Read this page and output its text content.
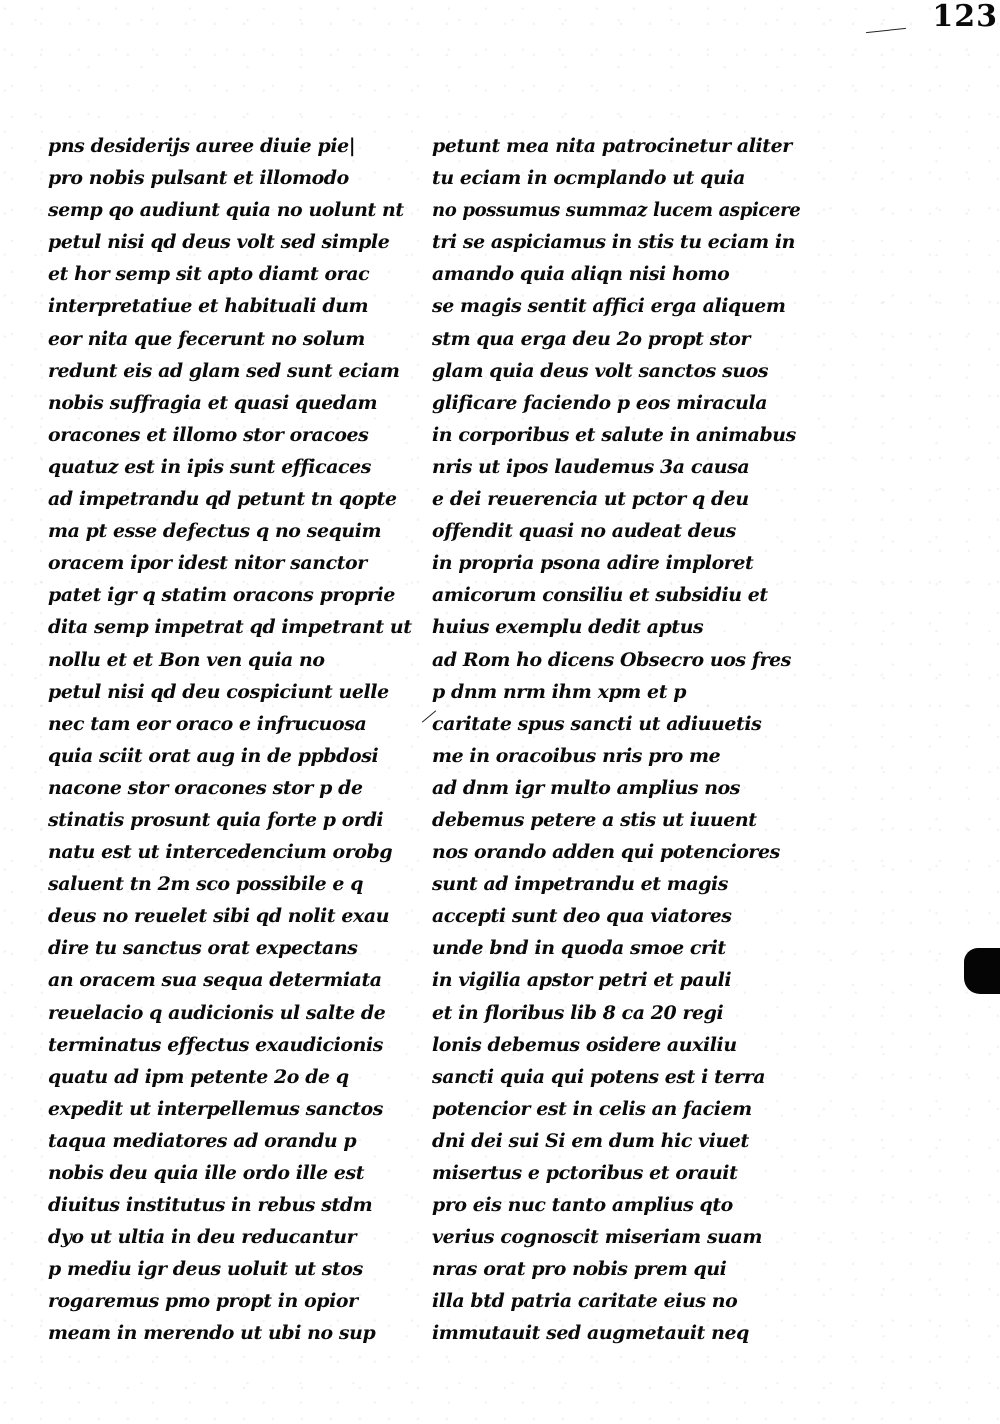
123
pns desiderijs auree diuie pie|
pro nobis pulsant et illomodo
semp qo audiunt quia no uolunt nt
petul nisi qd deus volt sed simple
et hor semp sit apto diamt orac
interpretatiue et habituali dum
eor nita que fecerunt no solum
redunt eis ad glam sed sunt eciam
nobis suffragia et quasi quedam
oracones et illomo stor oracoes
quatuz est in ipis sunt efficaces
ad impetrandu qd petunt tn qopte
ma pt esse defectus q no sequim
oracem ipor idest nitor sanctor
patet igr q statim oracons proprie
dita semp impetrat qd impetrant ut
nollu et et Bon ven quia no
petul nisi qd deu cospiciunt uelle
nec tam eor oraco e infrucuosa
quia sciit orat aug in de ppbdosi
nacone stor oracones stor p de
stinatis prosunt quia forte p ordi
natu est ut intercedencium orobg
saluent tn 2m sco possibile e q
deus no reuelet sibi qd nolit exau
dire tu sanctus orat expectans
an oracem sua sequa determiata
reuelacio q audicionis ul salte de
terminatus effectus exaudicionis
quatu ad ipm petente 2o de q
expedit ut interpellemus sanctos
taqua mediatores ad orandu p
nobis deu quia ille ordo ille est
diuitus institutus in rebus stdm
dyo ut ultia in deu reducantur
p mediu igr deus uoluit ut stos
rogaremus pmo propt in opior
meam in merendo ut ubi no sup
petunt mea nita patrocinetur aliter
tu eciam in ocmplando ut quia
no possumus summaz lucem aspicere
tri se aspiciamus in stis tu eciam in
amando quia aliqn nisi homo
se magis sentit affici erga aliquem
stm qua erga deu 2o propt stor
glam quia deus volt sanctos suos
glificare faciendo p eos miracula
in corporibus et salute in animabus
nris ut ipos laudemus 3a causa
e dei reuerencia ut pctor q deu
offendit quasi no audeat deus
in propria psona adire imploret
amicorum consiliu et subsidiu et
huius exemplu dedit aptus
ad Rom ho dicens Obsecro uos fres
p dnm nrm ihm xpm et p
caritate spus sancti ut adiuuetis
me in oracoibus nris pro me
ad dnm igr multo amplius nos
debemus petere a stis ut iuuent
nos orando adden qui potenciores
sunt ad impetrandu et magis
accepti sunt deo qua viatores
unde bnd in quoda smoe crit
in vigilia apstor petri et pauli
et in floribus lib 8 ca 20 regi
lonis debemus osidere auxiliu
sancti quia qui potens est i terra
potencior est in celis an faciem
dni dei sui Si em dum hic viuet
misertus e pctoribus et orauit
pro eis nuc tanto amplius qto
verius cognoscit miseriam suam
nras orat pro nobis prem qui
illa btd patria caritate eius no
immutauit sed augmetauit neq
